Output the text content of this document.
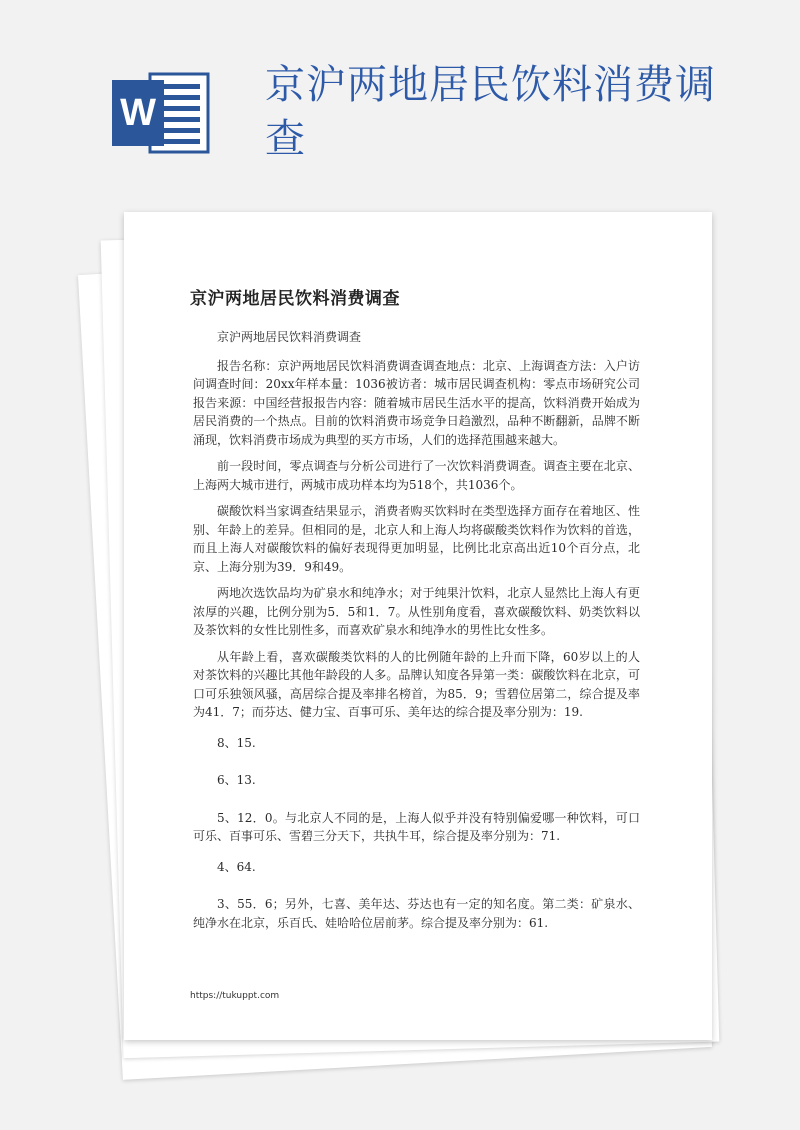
W
京沪两地居民饮料消费调查
京沪两地居民饮料消费调查

京沪两地居民饮料消费调查

报告名称：京沪两地居民饮料消费调查调查地点：北京、上海调查方法：入户访问调查时间：20xx年样本量：1036被访者：城市居民调查机构：零点市场研究公司报告来源：中国经营报报告内容：随着城市居民生活水平的提高，饮料消费开始成为居民消费的一个热点。目前的饮料消费市场竞争日趋激烈，品种不断翻新，品牌不断涌现，饮料消费市场成为典型的买方市场，人们的选择范围越来越大。

前一段时间，零点调查与分析公司进行了一次饮料消费调查。调查主要在北京、上海两大城市进行，两城市成功样本均为518个，共1036个。

碳酸饮料当家调查结果显示，消费者购买饮料时在类型选择方面存在着地区、性别、年龄上的差异。但相同的是，北京人和上海人均将碳酸类饮料作为饮料的首选，而且上海人对碳酸饮料的偏好表现得更加明显，比例比北京高出近10个百分点，北京、上海分别为39．9和49。

两地次选饮品均为矿泉水和纯净水；对于纯果汁饮料，北京人显然比上海人有更浓厚的兴趣，比例分别为5．5和1．7。从性别角度看，喜欢碳酸饮料、奶类饮料以及茶饮料的女性比别性多，而喜欢矿泉水和纯净水的男性比女性多。

从年龄上看，喜欢碳酸类饮料的人的比例随年龄的上升而下降，60岁以上的人对茶饮料的兴趣比其他年龄段的人多。品牌认知度各异第一类：碳酸饮料在北京，可口可乐独领风骚，高居综合提及率排名榜首，为85．9；雪碧位居第二，综合提及率为41．7；而芬达、健力宝、百事可乐、美年达的综合提及率分别为：19.

8、15.

6、13.

5、12．0。与北京人不同的是，上海人似乎并没有特别偏爱哪一种饮料，可口可乐、百事可乐、雪碧三分天下，共执牛耳，综合提及率分别为：71.

4、64.

3、55．6；另外，七喜、美年达、芬达也有一定的知名度。第二类：矿泉水、纯净水在北京，乐百氏、娃哈哈位居前茅。综合提及率分别为：61.

https://tukuppt.com
